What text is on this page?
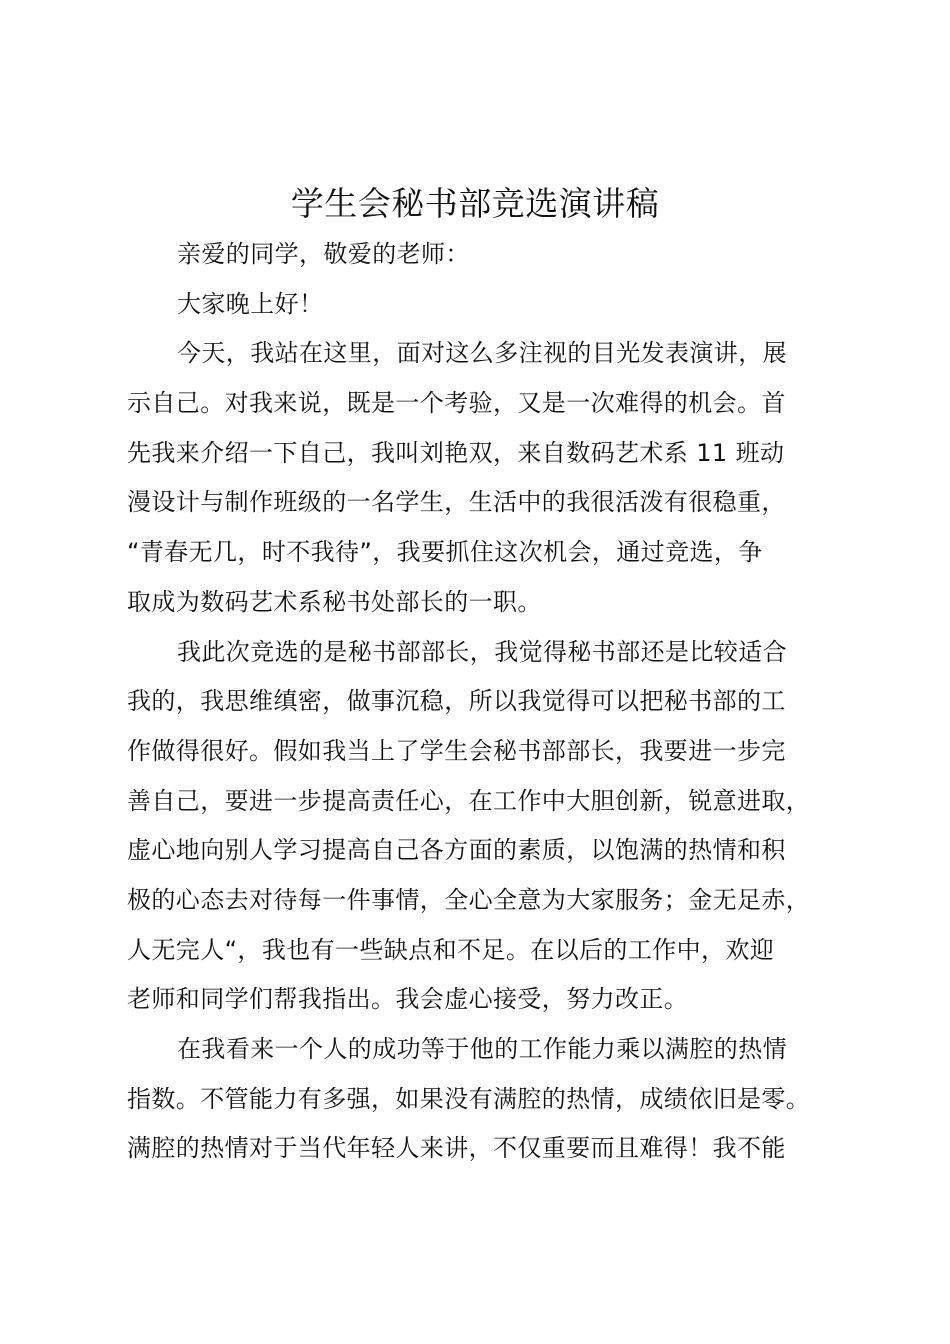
学生会秘书部竞选演讲稿
亲爱的同学，敬爱的老师：
大家晚上好！
今天，我站在这里，面对这么多注视的目光发表演讲，展
示自己。对我来说，既是一个考验，又是一次难得的机会。首
先我来介绍一下自己，我叫刘艳双，来自数码艺术系 11 班动
漫设计与制作班级的一名学生，生活中的我很活泼有很稳重，
“青春无几，时不我待”，我要抓住这次机会，通过竞选，争
取成为数码艺术系秘书处部长的一职。
我此次竞选的是秘书部部长，我觉得秘书部还是比较适合
我的，我思维缜密，做事沉稳，所以我觉得可以把秘书部的工
作做得很好。假如我当上了学生会秘书部部长，我要进一步完
善自己，要进一步提高责任心，在工作中大胆创新，锐意进取，
虚心地向别人学习提高自己各方面的素质，以饱满的热情和积
极的心态去对待每一件事情，全心全意为大家服务；金无足赤，
人无完人“，我也有一些缺点和不足。在以后的工作中，欢迎
老师和同学们帮我指出。我会虚心接受，努力改正。
在我看来一个人的成功等于他的工作能力乘以满腔的热情
指数。不管能力有多强，如果没有满腔的热情，成绩依旧是零。
满腔的热情对于当代年轻人来讲，不仅重要而且难得！我不能
